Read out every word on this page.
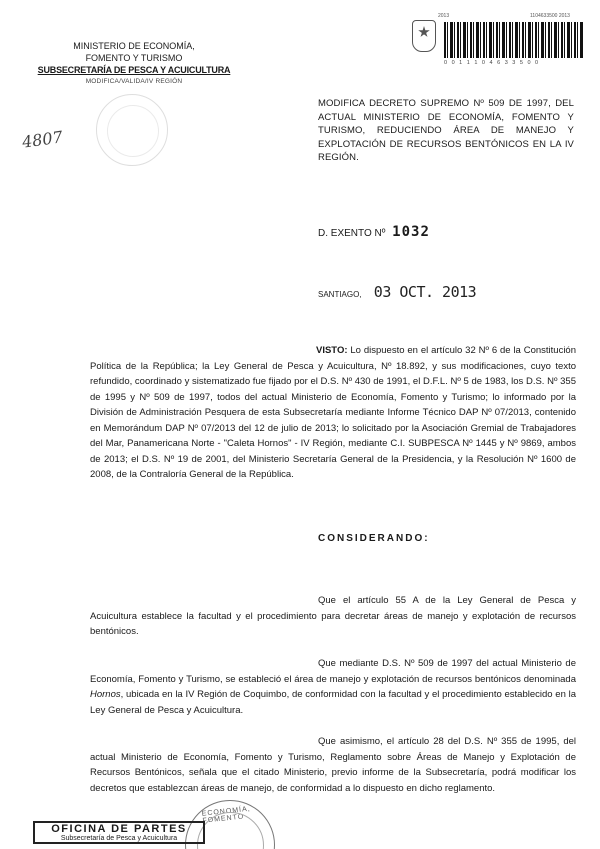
MINISTERIO DE ECONOMÍA,
FOMENTO Y TURISMO
SUBSECRETARÍA DE PESCA Y ACUICULTURA
MODIFICA/VALIDA/IV REGIÓN
4807
2013	1104633500 2013
0 0 1 1 1 0 4 6 3 3 5 0 0
MODIFICA DECRETO SUPREMO Nº 509 DE 1997, DEL ACTUAL MINISTERIO DE ECONOMÍA, FOMENTO Y TURISMO, REDUCIENDO ÁREA DE MANEJO Y EXPLOTACIÓN DE RECURSOS BENTÓNICOS EN LA IV REGIÓN.
D. EXENTO Nº 1032
SANTIAGO, 03 OCT. 2013

VISTO: Lo dispuesto en el artículo 32 Nº 6 de la Constitución Política de la República; la Ley General de Pesca y Acuicultura, Nº 18.892, y sus modificaciones, cuyo texto refundido, coordinado y sistematizado fue fijado por el D.S. Nº 430 de 1991, el D.F.L. Nº 5 de 1983, los D.S. Nº 355 de 1995 y Nº 509 de 1997, todos del actual Ministerio de Economía, Fomento y Turismo; lo informado por la División de Administración Pesquera de esta Subsecretaría mediante Informe Técnico DAP Nº 07/2013, contenido en Memorándum DAP Nº 07/2013 del 12 de julio de 2013; lo solicitado por la Asociación Gremial de Trabajadores del Mar, Panamericana Norte - "Caleta Hornos" - IV Región, mediante C.I. SUBPESCA Nº 1445 y Nº 9869, ambos de 2013; el D.S. Nº 19 de 2001, del Ministerio Secretaría General de la Presidencia, y la Resolución Nº 1600 de 2008, de la Contraloría General de la República.

CONSIDERANDO:

Que el artículo 55 A de la Ley General de Pesca y Acuicultura establece la facultad y el procedimiento para decretar áreas de manejo y explotación de recursos bentónicos.

Que mediante D.S. Nº 509 de 1997 del actual Ministerio de Economía, Fomento y Turismo, se estableció el área de manejo y explotación de recursos bentónicos denominada Hornos, ubicada en la IV Región de Coquimbo, de conformidad con la facultad y el procedimiento establecido en la Ley General de Pesca y Acuicultura.

Que asimismo, el artículo 28 del D.S. Nº 355 de 1995, del actual Ministerio de Economía, Fomento y Turismo, Reglamento sobre Áreas de Manejo y Explotación de Recursos Bentónicos, señala que el citado Ministerio, previo informe de la Subsecretaría, podrá modificar los decretos que establezcan áreas de manejo, de conformidad a lo dispuesto en dicho reglamento.

ECONOMÍA, FOMENTO
OFICINA DE PARTES
Subsecretaría de Pesca y Acuicultura
